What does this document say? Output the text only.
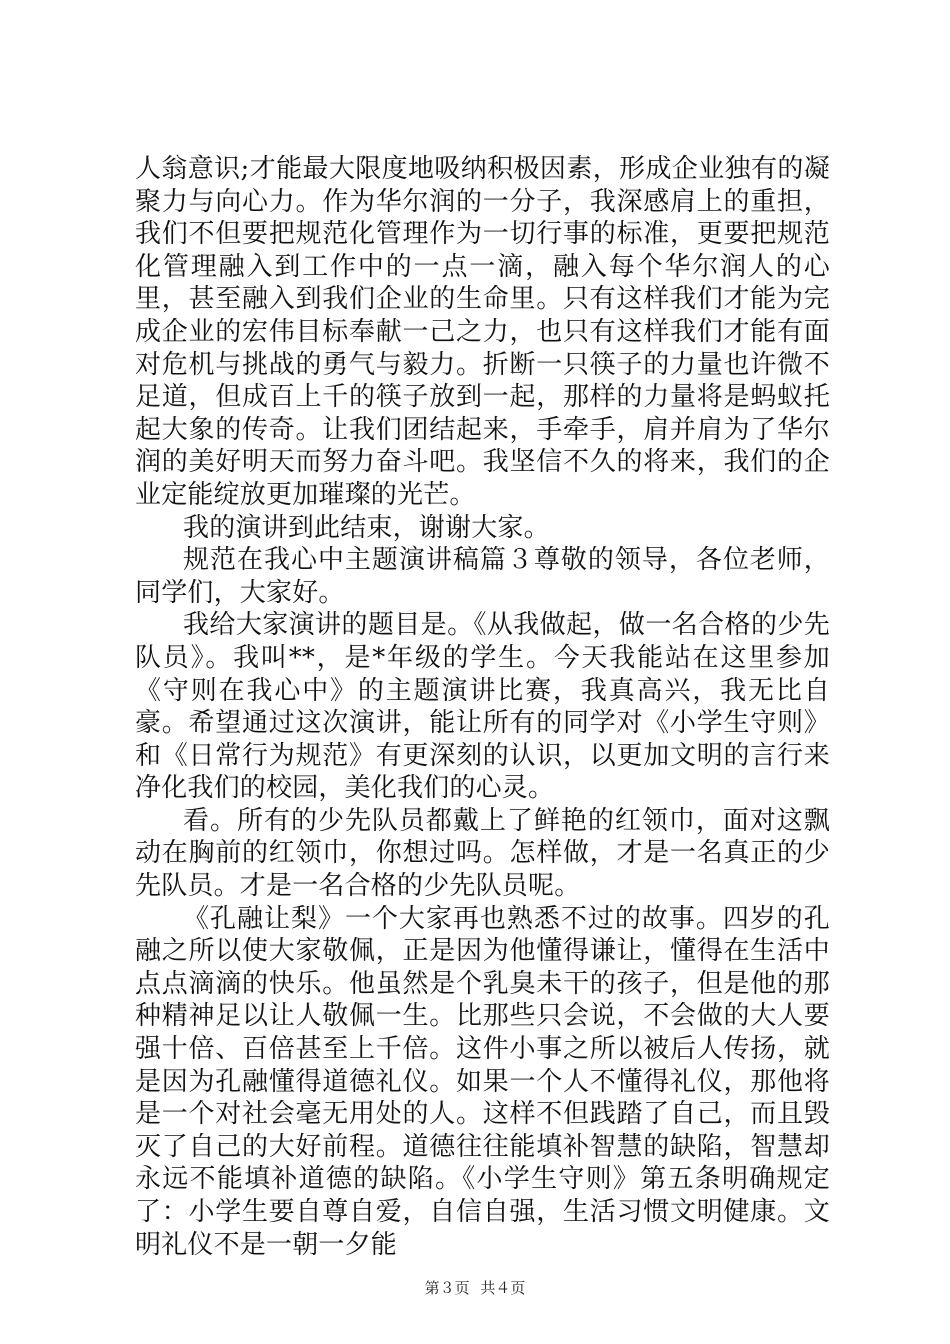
人翁意识;才能最大限度地吸纳积极因素，形成企业独有的凝聚力与向心力。作为华尔润的一分子，我深感肩上的重担，我们不但要把规范化管理作为一切行事的标准，更要把规范化管理融入到工作中的一点一滴，融入每个华尔润人的心里，甚至融入到我们企业的生命里。只有这样我们才能为完成企业的宏伟目标奉献一己之力，也只有这样我们才能有面对危机与挑战的勇气与毅力。折断一只筷子的力量也许微不足道，但成百上千的筷子放到一起，那样的力量将是蚂蚁托起大象的传奇。让我们团结起来，手牵手，肩并肩为了华尔润的美好明天而努力奋斗吧。我坚信不久的将来，我们的企业定能绽放更加璀璨的光芒。

我的演讲到此结束，谢谢大家。

规范在我心中主题演讲稿篇３尊敬的领导，各位老师，同学们，大家好。

我给大家演讲的题目是。《从我做起，做一名合格的少先队员》。我叫**，是*年级的学生。今天我能站在这里参加《守则在我心中》的主题演讲比赛，我真高兴，我无比自豪。希望通过这次演讲，能让所有的同学对《小学生守则》和《日常行为规范》有更深刻的认识，以更加文明的言行来净化我们的校园，美化我们的心灵。

看。所有的少先队员都戴上了鲜艳的红领巾，面对这飘动在胸前的红领巾，你想过吗。怎样做，才是一名真正的少先队员。才是一名合格的少先队员呢。

《孔融让梨》一个大家再也熟悉不过的故事。四岁的孔融之所以使大家敬佩，正是因为他懂得谦让，懂得在生活中点点滴滴的快乐。他虽然是个乳臭未干的孩子，但是他的那种精神足以让人敬佩一生。比那些只会说，不会做的大人要强十倍、百倍甚至上千倍。这件小事之所以被后人传扬，就是因为孔融懂得道德礼仪。如果一个人不懂得礼仪，那他将是一个对社会毫无用处的人。这样不但践踏了自己，而且毁灭了自己的大好前程。道德往往能填补智慧的缺陷，智慧却永远不能填补道德的缺陷。《小学生守则》第五条明确规定了：小学生要自尊自爱，自信自强，生活习惯文明健康。文明礼仪不是一朝一夕能

第３页 共４页
